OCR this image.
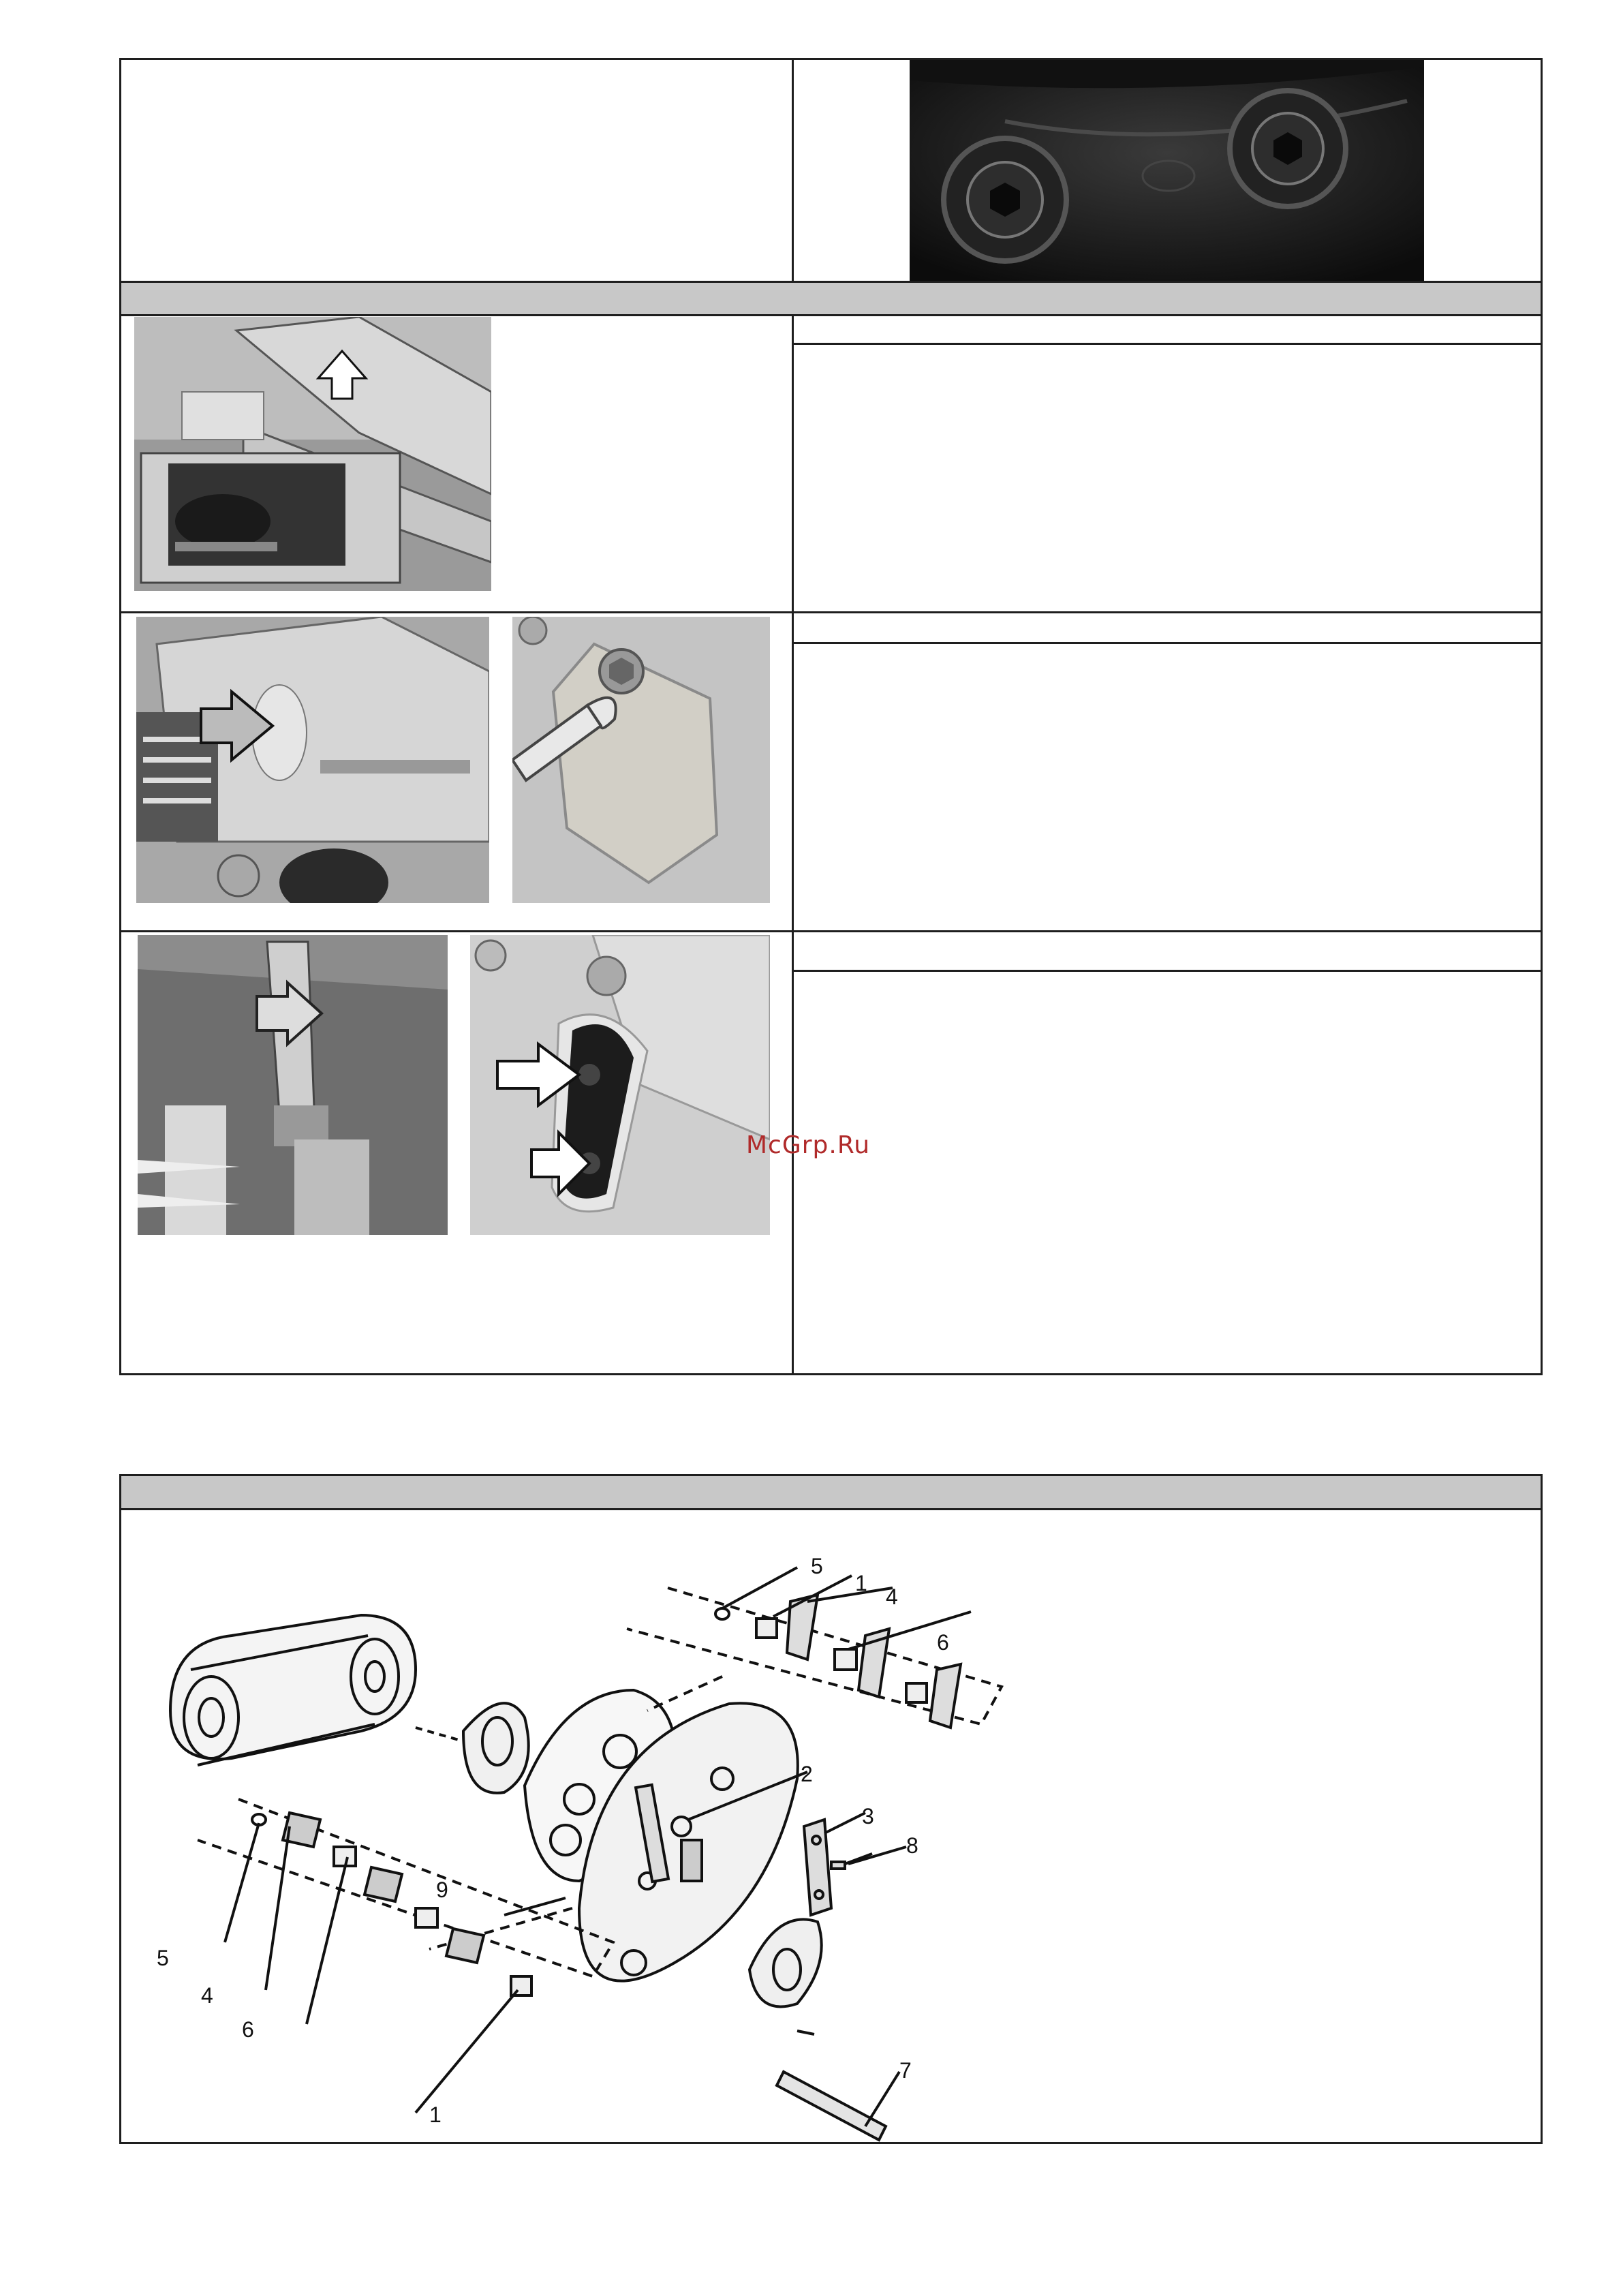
McGrp.Ru
5
1
4
6
2
3
8
9
5
4
6
1
7
